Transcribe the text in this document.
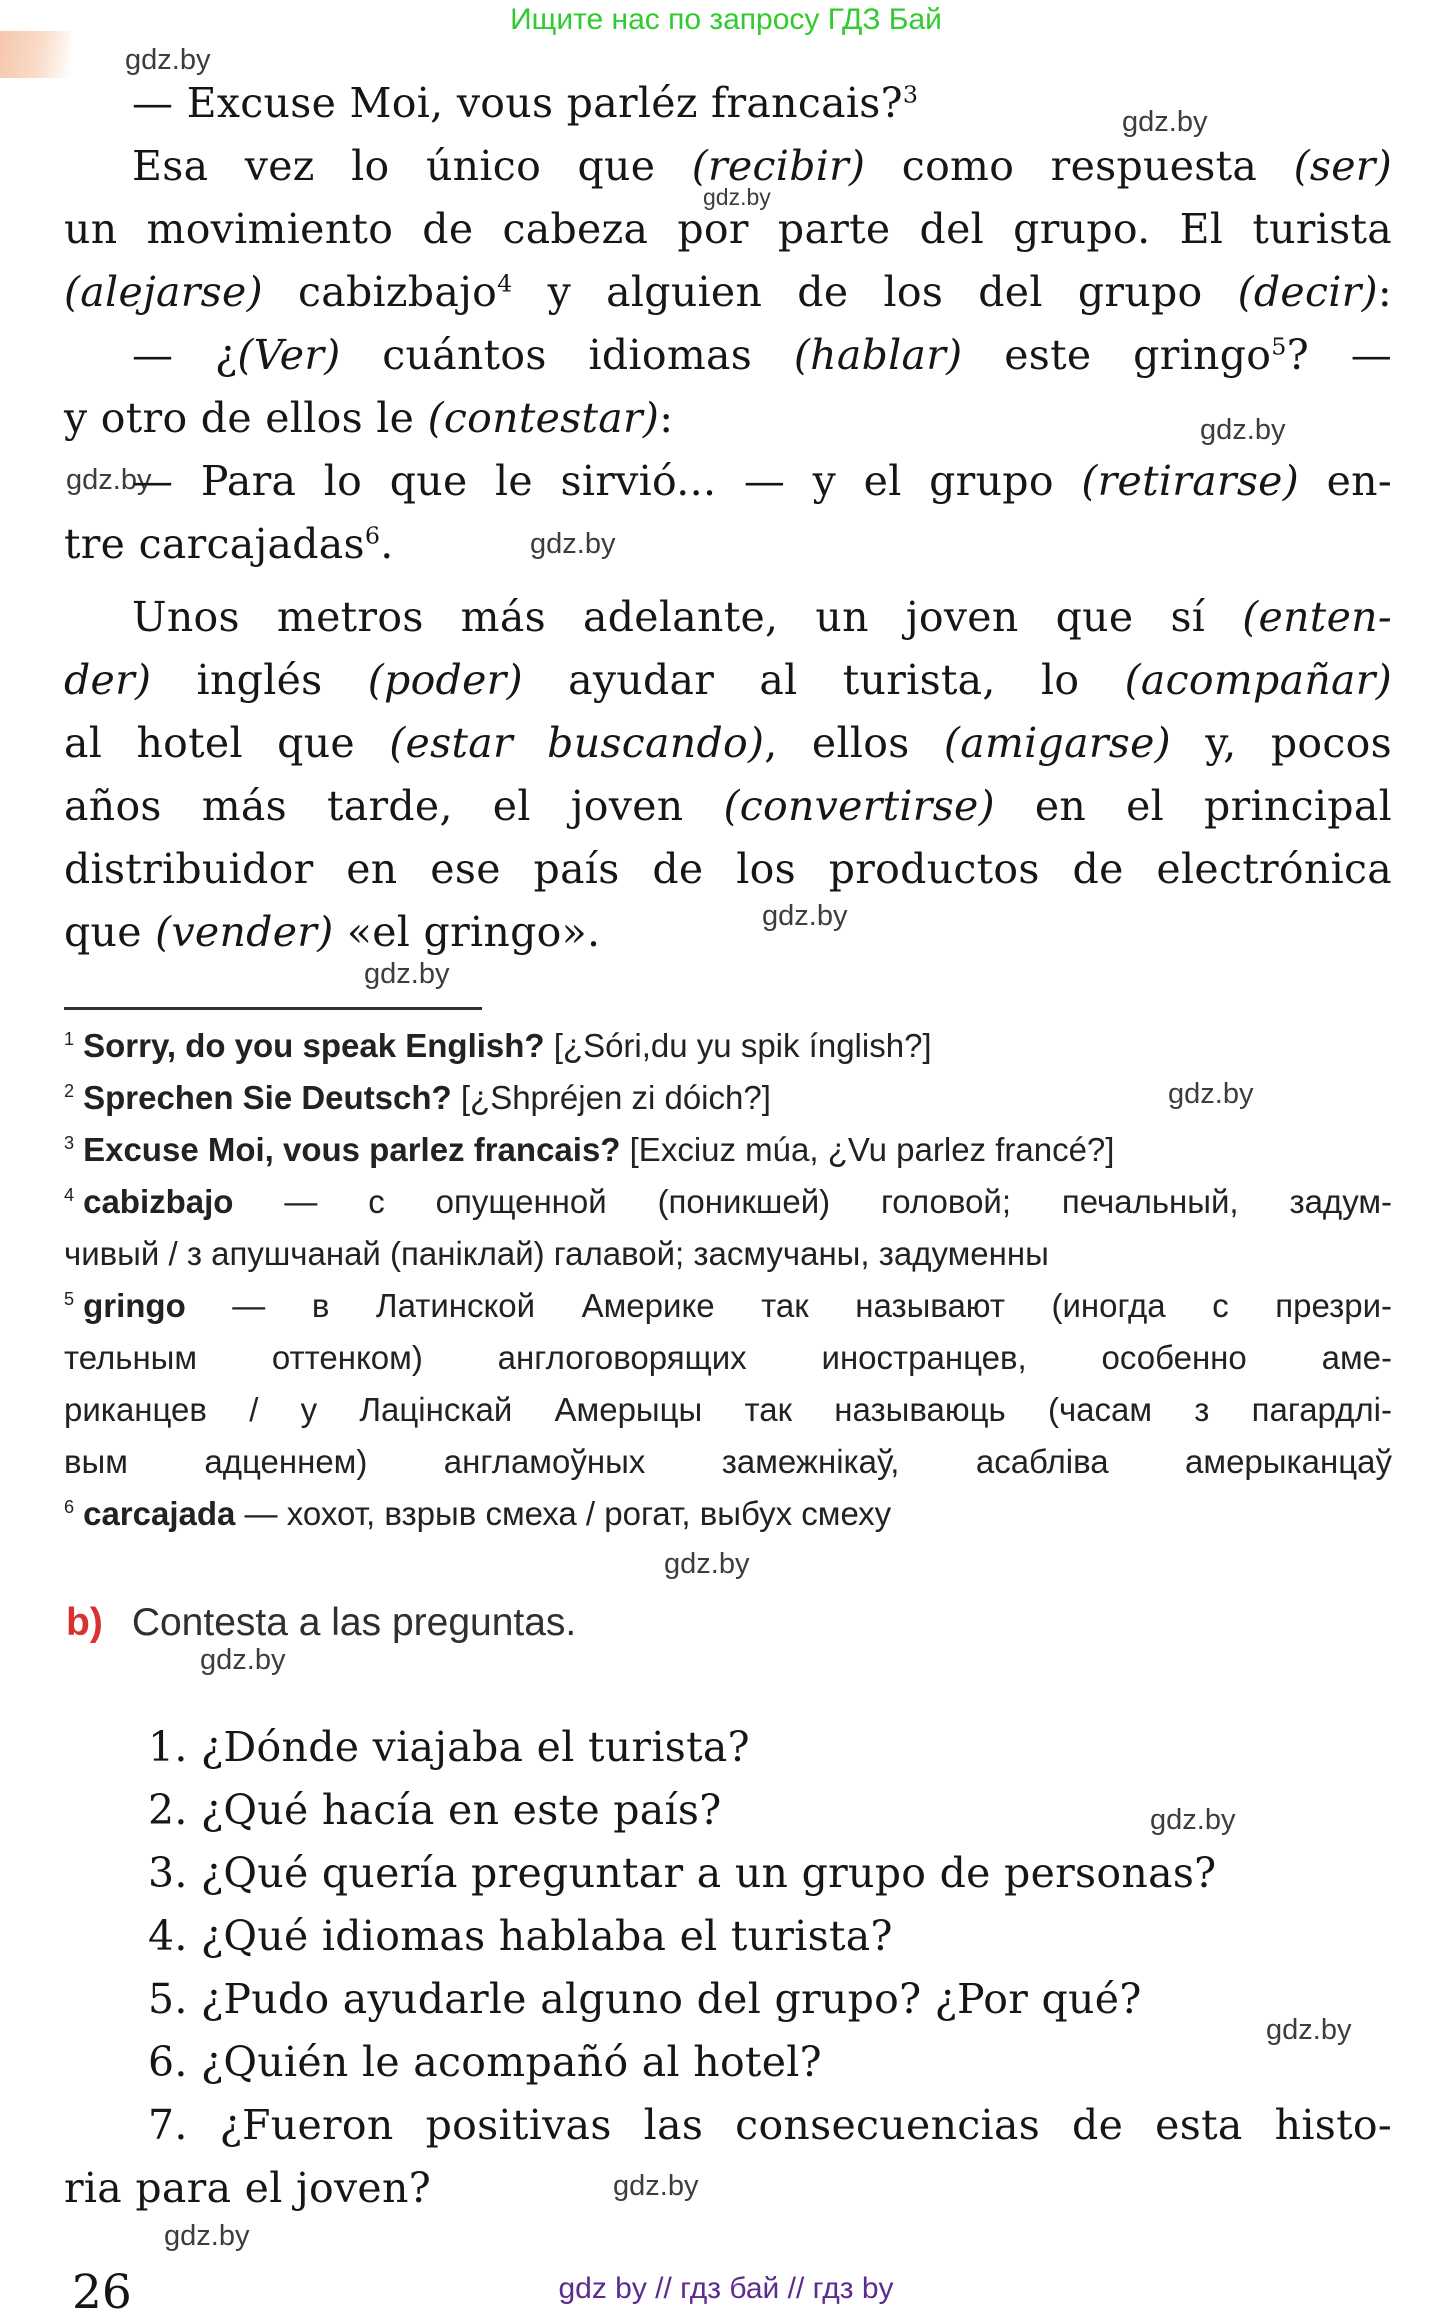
Ищите нас по запросу ГДЗ Бай
gdz.by
gdz.by
gdz.by
gdz.by
gdz.by
gdz.by
gdz.by
gdz.by
gdz.by
gdz.by
gdz.by
gdz.by
gdz.by
gdz.by
gdz.by
— Excuse Moi, vous parléz francais?$^3$
Esa vez lo único que (recibir) como respuesta (ser)
un movimiento de cabeza por parte del grupo. El turista
(alejarse) cabizbajo$^4$ y alguien de los del grupo (decir):
— ¿(Ver) cuántos idiomas (hablar) este gringo$^5$? —
y otro de ellos le (contestar):
— Para lo que le sirvió... — y el grupo (retirarse) en-
tre carcajadas$^6$.
Unos metros más adelante, un joven que sí (enten-
der) inglés (poder) ayudar al turista, lo (acompañar)
al hotel que (estar buscando), ellos (amigarse) y, pocos
años más tarde, el joven (convertirse) en el principal
distribuidor en ese país de los productos de electrónica
que (vender) «el gringo».
$^1$ Sorry, do you speak English? [¿Sóri,du yu spik ínglish?]
$^2$ Sprechen Sie Deutsch? [¿Shpréjen zi dóich?]
$^3$ Excuse Moi, vous parlez francais? [Exciuz múa, ¿Vu parlez francé?]
$^4$ cabizbajo — с опущенной (поникшей) головой; печальный, задум-
чивый / з апушчанай (паніклай) галавой; засмучаны, задуменны
$^5$ gringo — в Латинской Америке так называют (иногда с презри-
тельным оттенком) англоговорящих иностранцев, особенно аме-
риканцев / у Лацінскай Амерыцы так называюць (часам з пагардлі-
вым адценнем) англамоўных замежнікаў, асабліва амерыканцаў
$^6$ carcajada — хохот, взрыв смеха / рогат, выбух смеху
b) Contesta a las preguntas.
1. ¿Dónde viajaba el turista?
2. ¿Qué hacía en este país?
3. ¿Qué quería preguntar a un grupo de personas?
4. ¿Qué idiomas hablaba el turista?
5. ¿Pudo ayudarle alguno del grupo? ¿Por qué?
6. ¿Quién le acompañó al hotel?
7. ¿Fueron positivas las consecuencias de esta histo-
ria para el joven?
26	gdz by // гдз бай // гдз by
